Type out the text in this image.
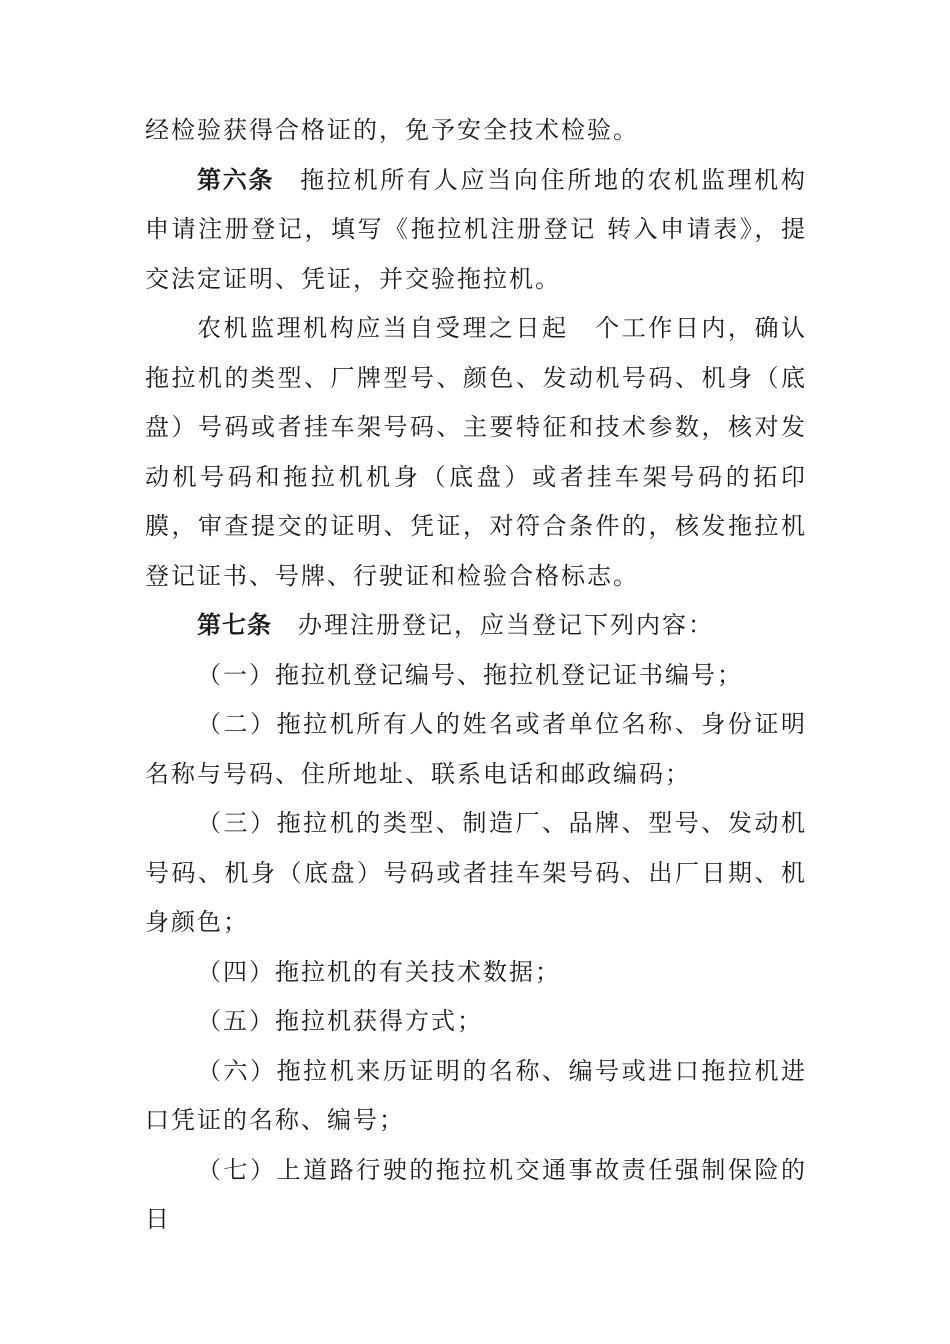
经检验获得合格证的，免予安全技术检验。

第六条 拖拉机所有人应当向住所地的农机监理机构申请注册登记，填写《拖拉机注册登记 转入申请表》，提交法定证明、凭证，并交验拖拉机。

农机监理机构应当自受理之日起　个工作日内，确认拖拉机的类型、厂牌型号、颜色、发动机号码、机身（底盘）号码或者挂车架号码、主要特征和技术参数，核对发动机号码和拖拉机机身（底盘）或者挂车架号码的拓印膜，审查提交的证明、凭证，对符合条件的，核发拖拉机登记证书、号牌、行驶证和检验合格标志。

第七条 办理注册登记，应当登记下列内容：

（一）拖拉机登记编号、拖拉机登记证书编号；

（二）拖拉机所有人的姓名或者单位名称、身份证明名称与号码、住所地址、联系电话和邮政编码；

（三）拖拉机的类型、制造厂、品牌、型号、发动机号码、机身（底盘）号码或者挂车架号码、出厂日期、机身颜色；

（四）拖拉机的有关技术数据；

（五）拖拉机获得方式；

（六）拖拉机来历证明的名称、编号或进口拖拉机进口凭证的名称、编号；

（七）上道路行驶的拖拉机交通事故责任强制保险的日
